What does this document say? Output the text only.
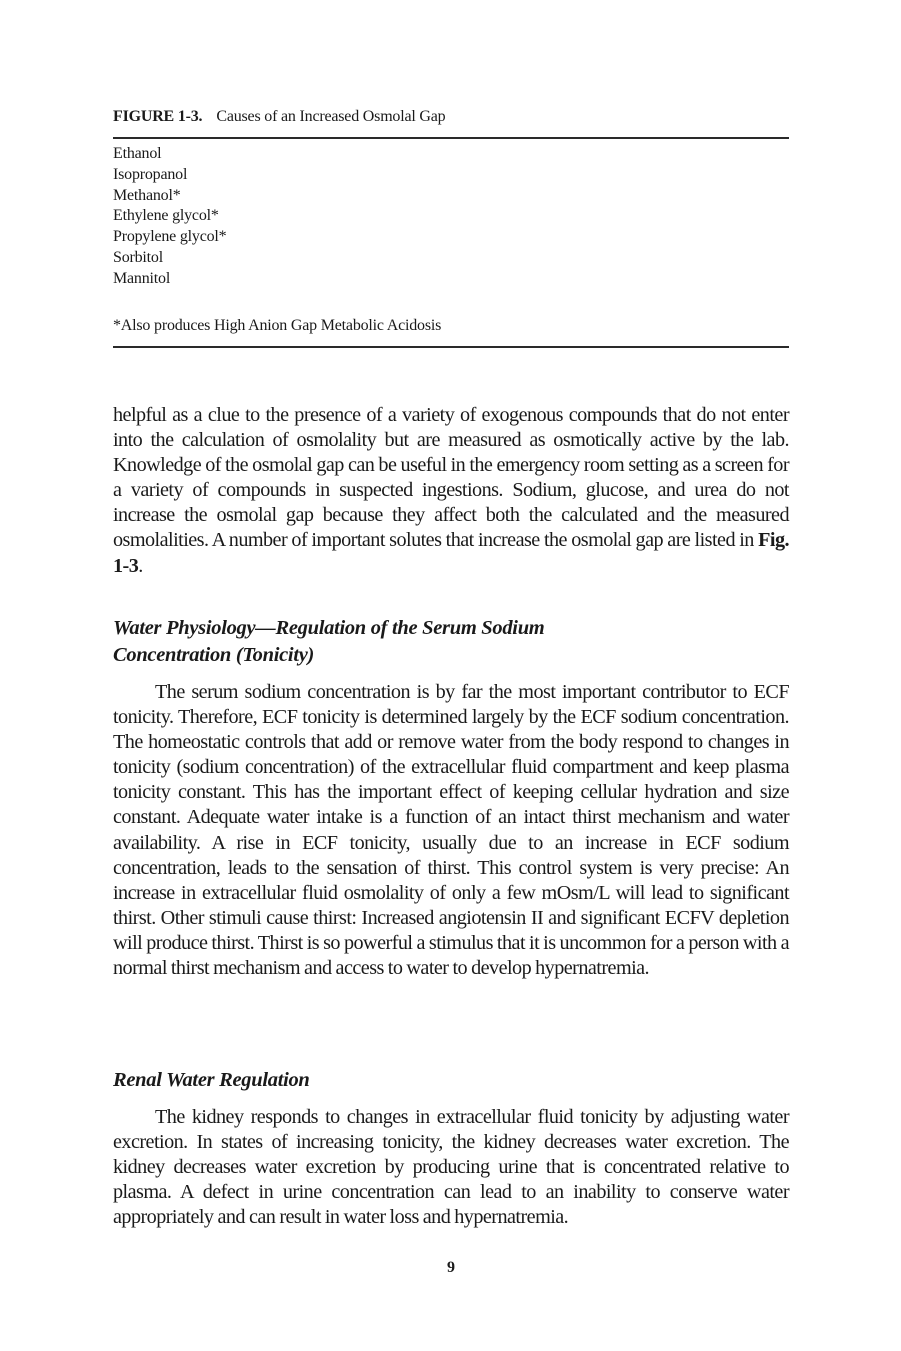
FIGURE 1-3. Causes of an Increased Osmolal Gap
Ethanol
Isopropanol
Methanol*
Ethylene glycol*
Propylene glycol*
Sorbitol
Mannitol
*Also produces High Anion Gap Metabolic Acidosis

helpful as a clue to the presence of a variety of exogenous compounds that do not enter into the calculation of osmolality but are measured as osmotically active by the lab. Knowledge of the osmolal gap can be useful in the emergency room setting as a screen for a variety of compounds in suspected ingestions. Sodium, glucose, and urea do not increase the osmolal gap because they affect both the calculated and the measured osmolalities. A number of important solutes that increase the osmolal gap are listed in Fig. 1-3.

Water Physiology—Regulation of the Serum Sodium
Concentration (Tonicity)

The serum sodium concentration is by far the most important contributor to ECF tonicity. Therefore, ECF tonicity is determined largely by the ECF sodium concentration. The homeostatic controls that add or remove water from the body respond to changes in tonicity (sodium concentration) of the extracellular fluid compartment and keep plasma tonicity constant. This has the important effect of keeping cellular hydration and size constant. Adequate water intake is a function of an intact thirst mechanism and water availability. A rise in ECF tonicity, usually due to an increase in ECF sodium concentration, leads to the sensation of thirst. This control system is very precise: An increase in extracellular fluid osmolality of only a few mOsm/L will lead to significant thirst. Other stimuli cause thirst: Increased angiotensin II and significant ECFV depletion will produce thirst. Thirst is so powerful a stimulus that it is uncommon for a person with a normal thirst mechanism and access to water to develop hypernatremia.

Renal Water Regulation

The kidney responds to changes in extracellular fluid tonicity by adjusting water excretion. In states of increasing tonicity, the kidney decreases water excretion. The kidney decreases water excretion by producing urine that is concentrated relative to plasma. A defect in urine concentration can lead to an inability to conserve water appropriately and can result in water loss and hypernatremia.

9
